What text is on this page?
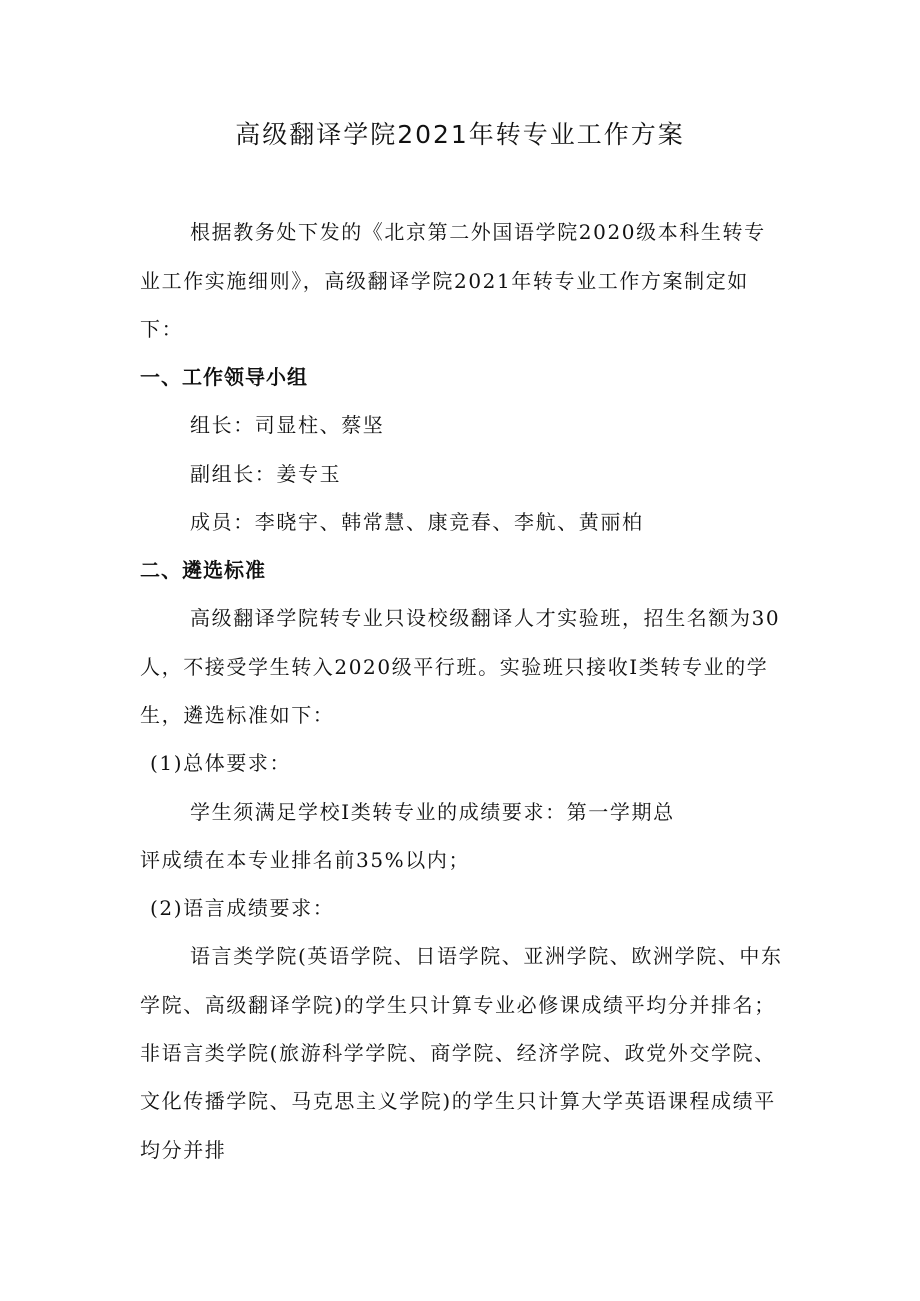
高级翻译学院2021年转专业工作方案
根据教务处下发的《北京第二外国语学院2020级本科生转专
业工作实施细则》，高级翻译学院2021年转专业工作方案制定如
下：
一、工作领导小组
组长：司显柱、蔡坚
副组长：姜专玉
成员：李晓宇、韩常慧、康竞春、李航、黄丽柏
二、遴选标准
高级翻译学院转专业只设校级翻译人才实验班，招生名额为30
人，不接受学生转入2020级平行班。实验班只接收Ⅰ类转专业的学
生，遴选标准如下：
(1)总体要求：
学生须满足学校Ⅰ类转专业的成绩要求：第一学期总
评成绩在本专业排名前35%以内；
(2)语言成绩要求：
语言类学院(英语学院、日语学院、亚洲学院、欧洲学院、中东
学院、高级翻译学院)的学生只计算专业必修课成绩平均分并排名；
非语言类学院(旅游科学学院、商学院、经济学院、政党外交学院、
文化传播学院、马克思主义学院)的学生只计算大学英语课程成绩平
均分并排
